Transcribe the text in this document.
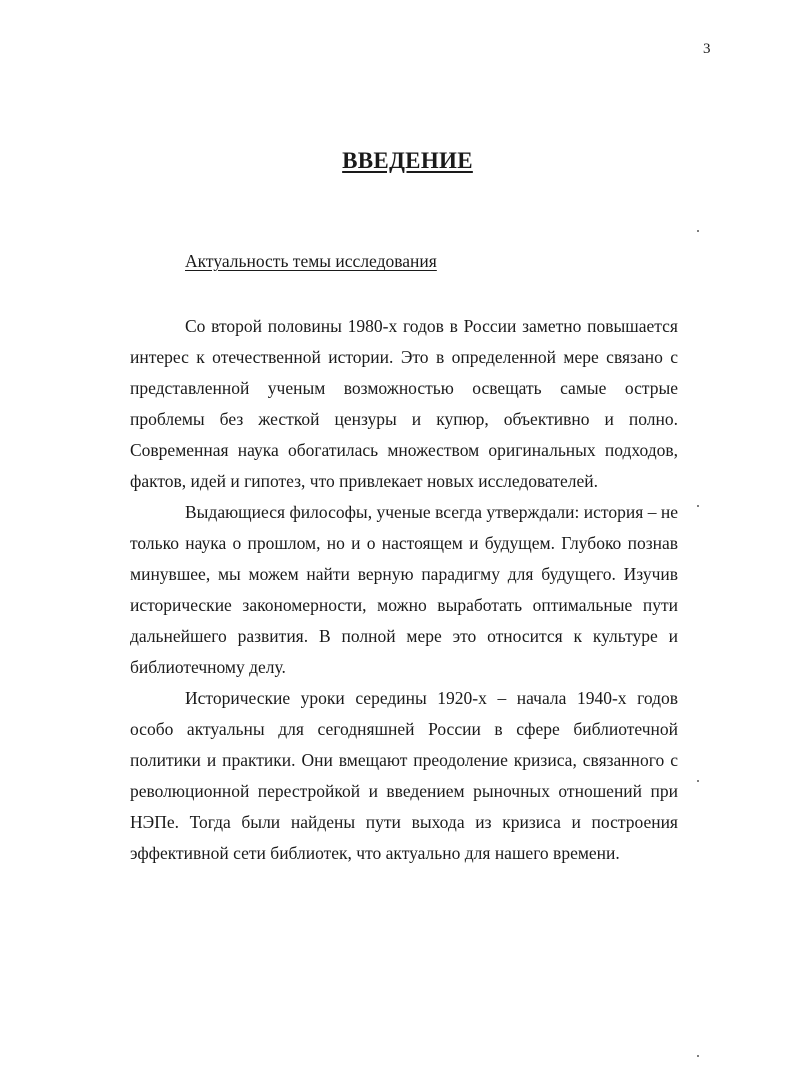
3
ВВЕДЕНИЕ
Актуальность темы исследования

Со второй половины 1980-х годов в России заметно повышается интерес к отечественной истории. Это в определенной мере связано с представленной ученым возможностью освещать самые острые проблемы без жесткой цензуры и купюр, объективно и полно. Современная наука обогатилась множеством оригинальных подходов, фактов, идей и гипотез, что привлекает новых исследователей.

Выдающиеся философы, ученые всегда утверждали: история – не только наука о прошлом, но и о настоящем и будущем. Глубоко познав минувшее, мы можем найти верную парадигму для будущего. Изучив исторические закономерности, можно выработать оптимальные пути дальнейшего развития. В полной мере это относится к культуре и библиотечному делу.

Исторические уроки середины 1920-х – начала 1940-х годов особо актуальны для сегодняшней России в сфере библиотечной политики и практики. Они вмещают преодоление кризиса, связанного с революционной перестройкой и введением рыночных отношений при НЭПе. Тогда были найдены пути выхода из кризиса и построения эффективной сети библиотек, что актуально для нашего времени.
